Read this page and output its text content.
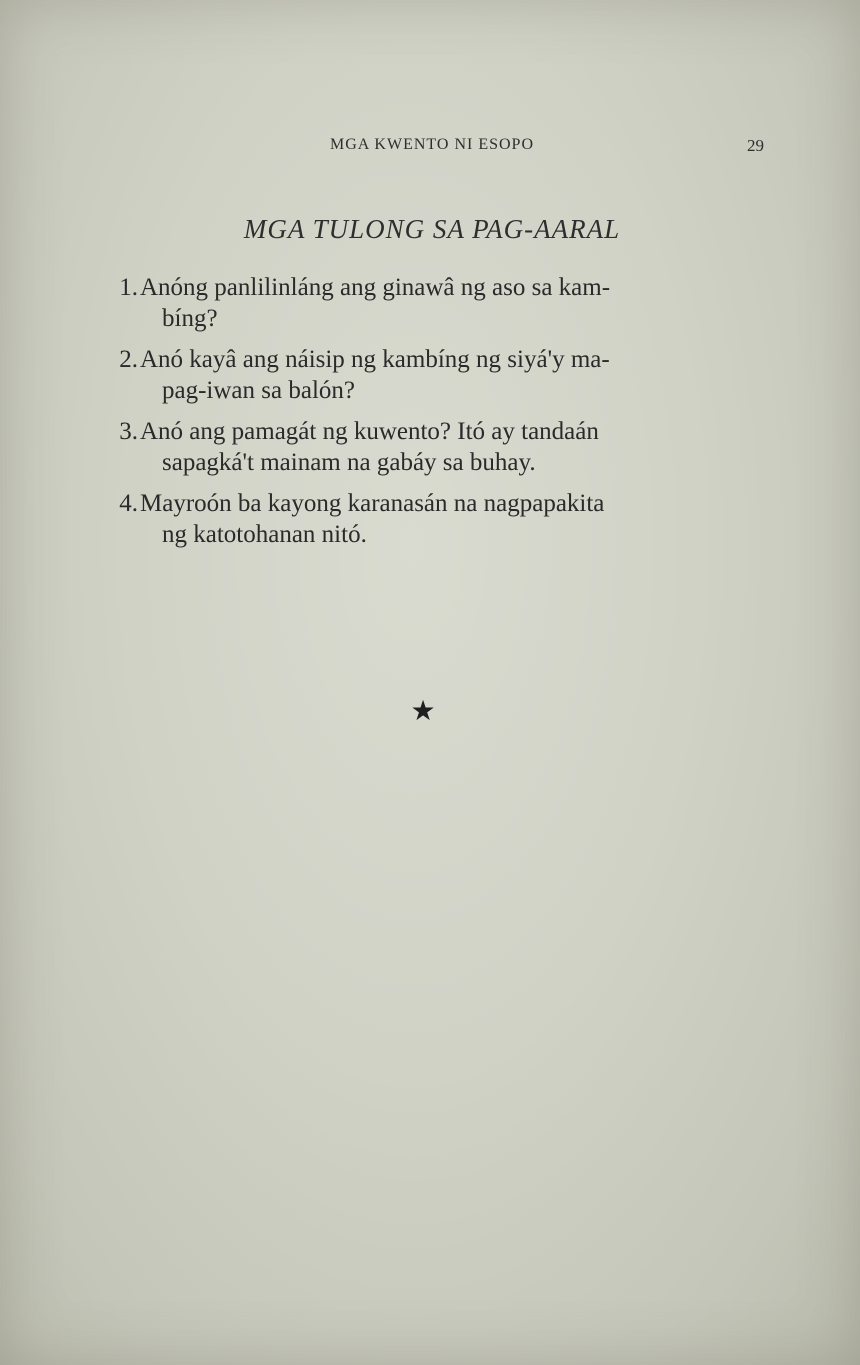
MGA KWENTO NI ESOPO	29
MGA TULONG SA PAG-AARAL
1. Anóng panlilinláng ang ginawâ ng aso sa kam-
bíng?
2. Anó kayâ ang náisip ng kambíng ng siyá'y ma-
pag-iwan sa balón?
3. Anó ang pamagát ng kuwento? Itó ay tandaán
sapagká't mainam na gabáy sa buhay.
4. Mayroón ba kayong karanasán na nagpapakita
ng katotohanan nitó.
★
